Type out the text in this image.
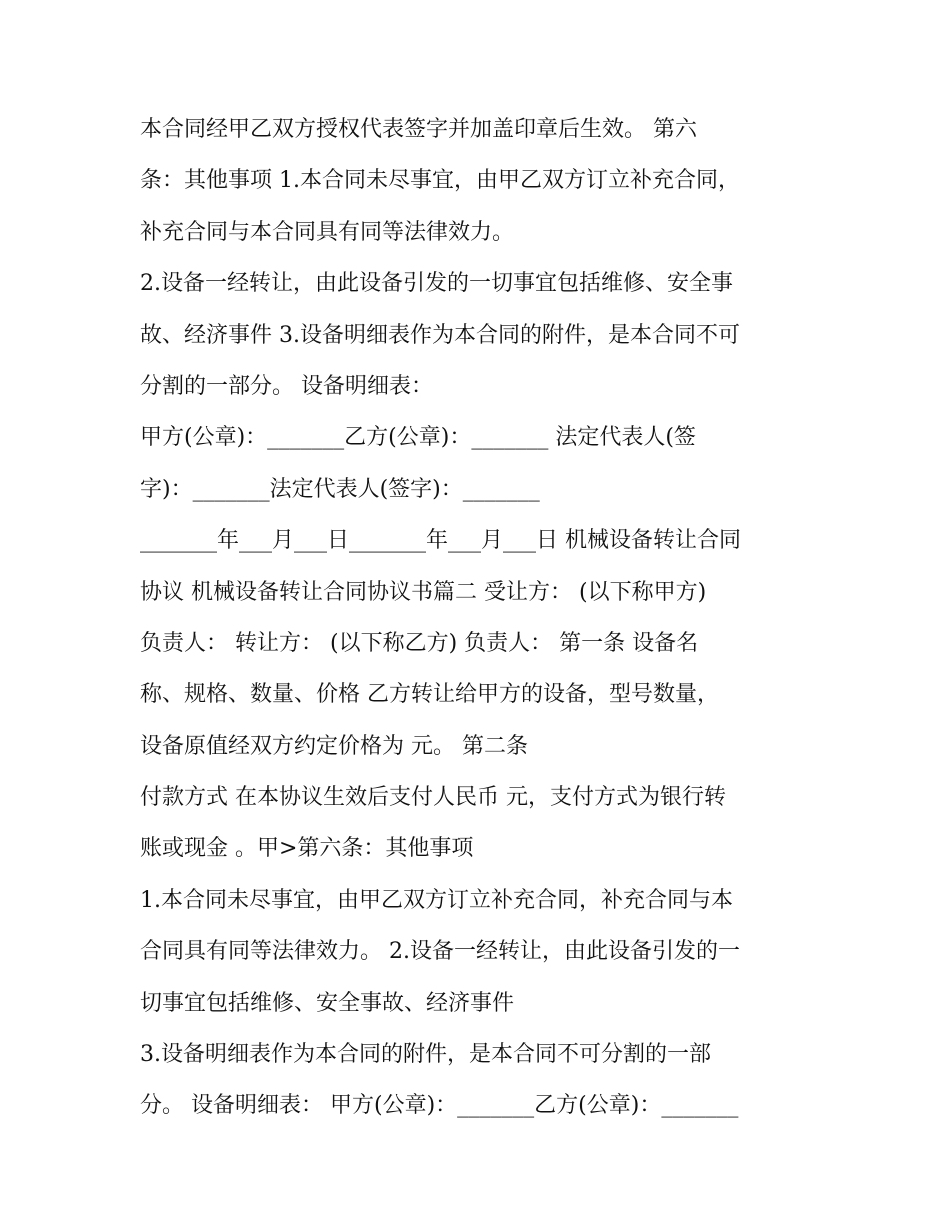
本合同经甲乙双方授权代表签字并加盖印章后生效。 第六
条：其他事项 1.本合同未尽事宜，由甲乙双方订立补充合同，
补充合同与本合同具有同等法律效力。
2.设备一经转让，由此设备引发的一切事宜包括维修、安全事
故、经济事件 3.设备明细表作为本合同的附件，是本合同不可
分割的一部分。 设备明细表：
甲方(公章)：_______乙方(公章)：_______ 法定代表人(签
字)：_______法定代表人(签字)：_______
_______年___月___日_______年___月___日 机械设备转让合同
协议 机械设备转让合同协议书篇二 受让方： (以下称甲方)
负责人： 转让方： (以下称乙方) 负责人： 第一条 设备名
称、规格、数量、价格 乙方转让给甲方的设备，型号数量，
设备原值经双方约定价格为 元。 第二条
付款方式 在本协议生效后支付人民币 元，支付方式为银行转
账或现金 。甲>第六条：其他事项
1.本合同未尽事宜，由甲乙双方订立补充合同，补充合同与本
合同具有同等法律效力。 2.设备一经转让，由此设备引发的一
切事宜包括维修、安全事故、经济事件
3.设备明细表作为本合同的附件，是本合同不可分割的一部
分。 设备明细表： 甲方(公章)：_______乙方(公章)：_______
